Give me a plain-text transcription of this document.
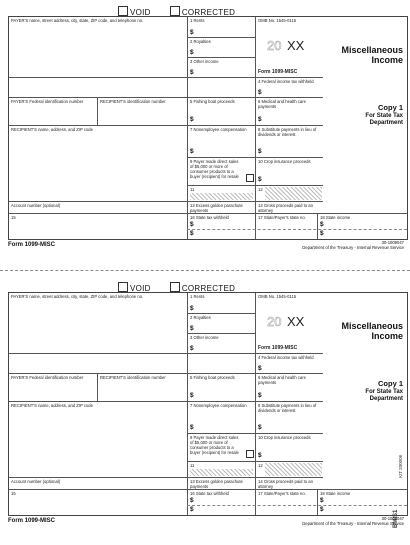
VOID	CORRECTED
PAYER'S name, street address, city, state, ZIP code, and telephone no.	1 Rents
$
2 Royalties
$
3 Other income
$
OMB No. 1545-0115
20 XX
Form 1099-MISC
4 Federal income tax withheld
$
Miscellaneous
Income
Copy 1
For State Tax
Department
PAYER'S Federal identification number	RECIPIENT'S identification number	5 Fishing boat proceeds
$
6 Medical and health care payments
$
RECIPIENT'S name, address, and ZIP code	7 Nonemployee compensation
$
8 Substitute payments in lieu of dividends or interest
$
9 Payer made direct sales of $5,000 or more of consumer products to a buyer (recipient) for resale
10 Crop insurance proceeds
$
11	12
Account number (optional)	13 Excess golden parachute payments
14 Gross proceeds paid to an attorney
15	16 State tax withheld
$
$
17 State/Payer's state no.	18 State income
$
$
Form 1099-MISC	30-1009047
Department of the Treasury - Internal Revenue Service
VOID	CORRECTED
PAYER'S name, street address, city, state, ZIP code, and telephone no.	1 Rents
$
2 Royalties
$
3 Other income
$
OMB No. 1545-0115
20 XX
Form 1099-MISC
4 Federal income tax withheld
$
Miscellaneous
Income
Copy 1
For State Tax
Department
PAYER'S Federal identification number	RECIPIENT'S identification number	5 Fishing boat proceeds
$
6 Medical and health care payments
$
RECIPIENT'S name, address, and ZIP code	7 Nonemployee compensation
$
8 Substitute payments in lieu of dividends or interest
$
9 Payer made direct sales of $5,000 or more of consumer products to a buyer (recipient) for resale
10 Crop insurance proceeds
$
11	12
Account number (optional)	13 Excess golden parachute payments
14 Gross proceeds paid to an attorney
15	16 State tax withheld
$
$
17 State/Payer's state no.	18 State income
$
$
Form 1099-MISC	30-1009047
Department of the Treasury - Internal Revenue Service
BMIS1
KIT 200006
